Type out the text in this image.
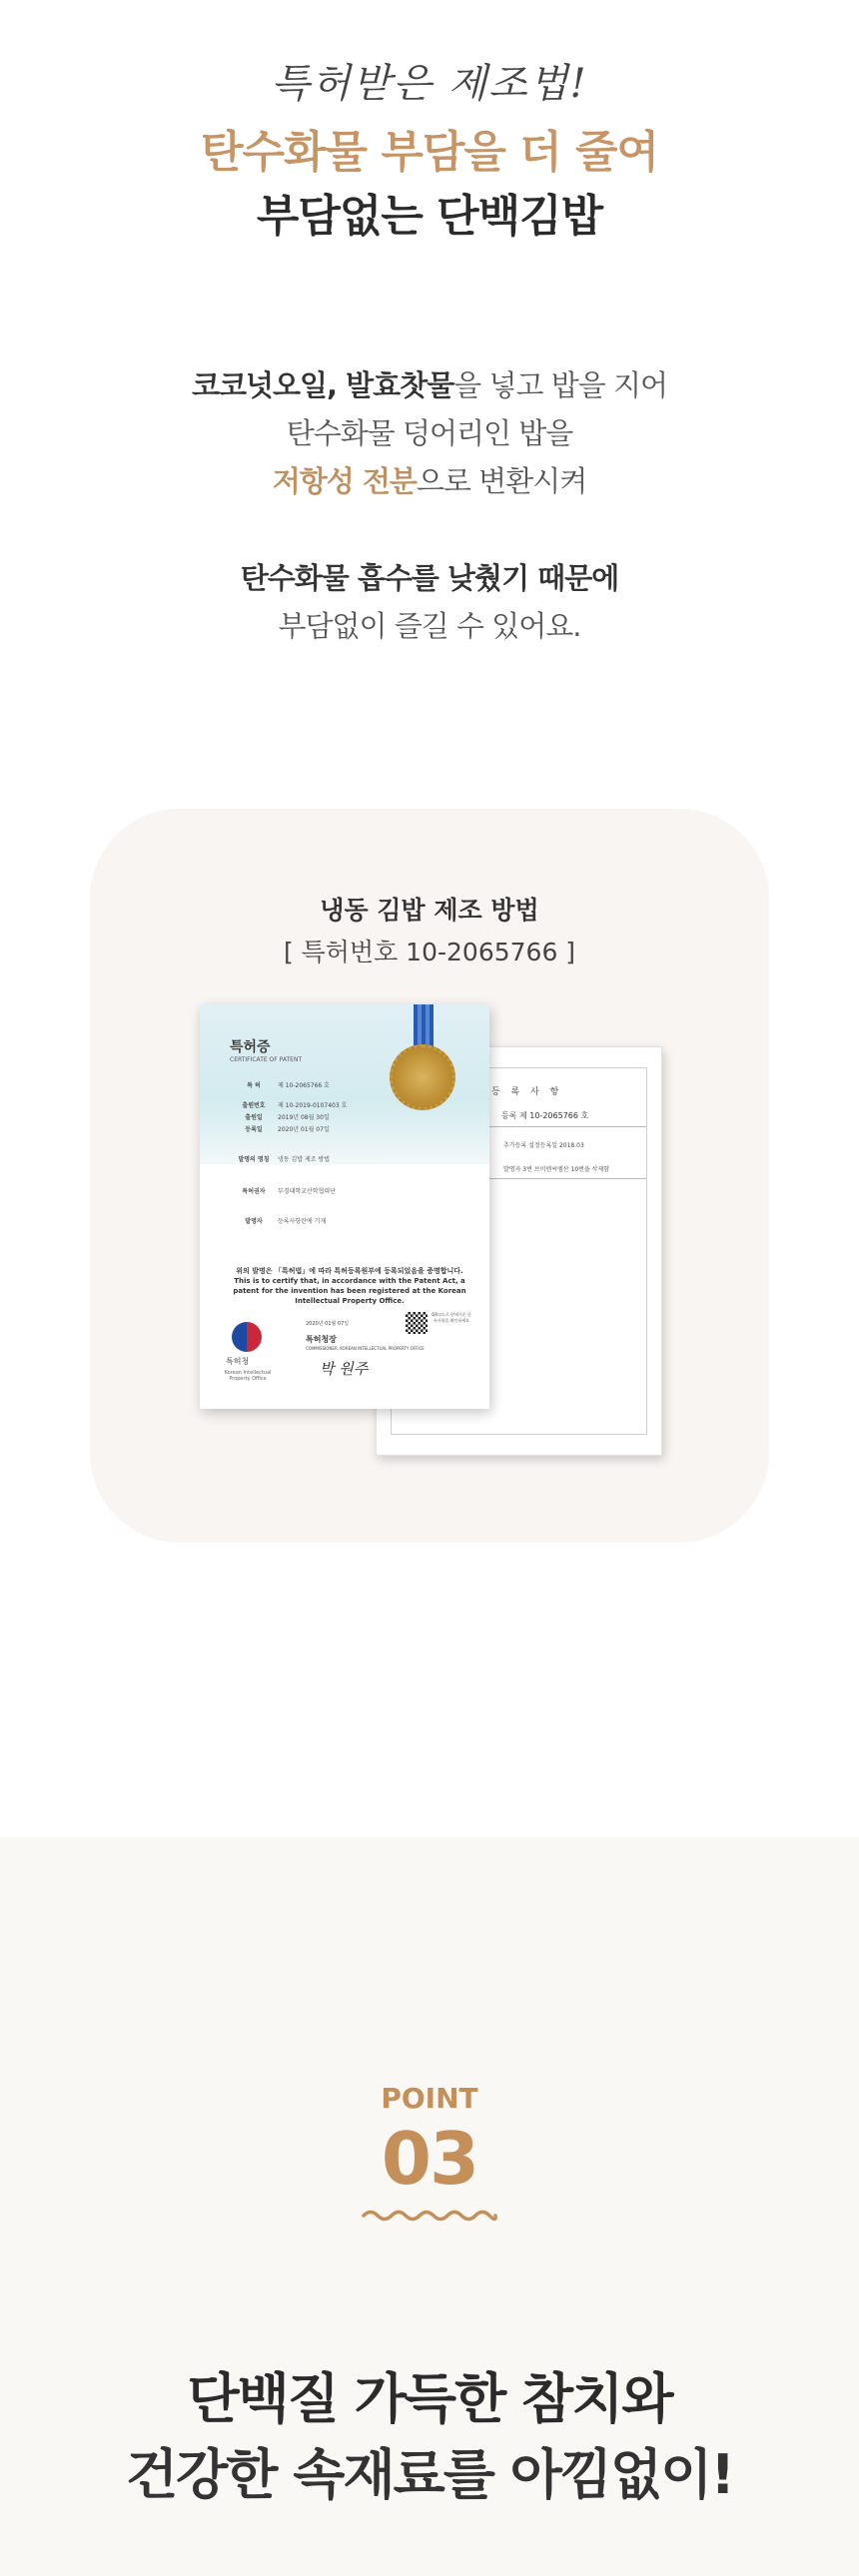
특허받은 제조법!
탄수화물 부담을 더 줄여
부담없는 단백김밥
코코넛오일, 발효찻물을 넣고 밥을 지어
탄수화물 덩어리인 밥을
저항성 전분으로 변환시켜
탄수화물 흡수를 낮췄기 때문에
부담없이 즐길 수 있어요.
냉동 김밥 제조 방법
[ 특허번호 10-2065766 ]
등 록 사 항
등록 제 10-2065766 호
추가등록 설정등록일 2018.03
발명자 3번 브이엔씨엠산 10번을 삭제함
특허증
CERTIFICATE OF PATENT
특 허	제 10-2065766 호
출원번호 제 10-2019-0107403 호
출원일	2019년 08월 30일
등록일	2020년 01월 07일
발명의 명칭 냉동 김밥 제조 방법
특허권자 부경대학교산학협력단
발명자	등록사항란에 기재
위의 발명은 「특허법」에 따라 특허등록원부에 등록되었음을 증명합니다. This is to certify that, in accordance with the Patent Act, a patent for the invention has been registered at the Korean Intellectual Property Office.
특허청
Korean Intellectual Property Office
2020년 01월 07일
특허청장
COMMISSIONER, KOREAN INTELLECTUAL PROPERTY OFFICE
박 원주
QR코드로 현재기준 등록사항을 확인하세요
POINT
03
단백질 가득한 참치와
건강한 속재료를 아낌없이!
